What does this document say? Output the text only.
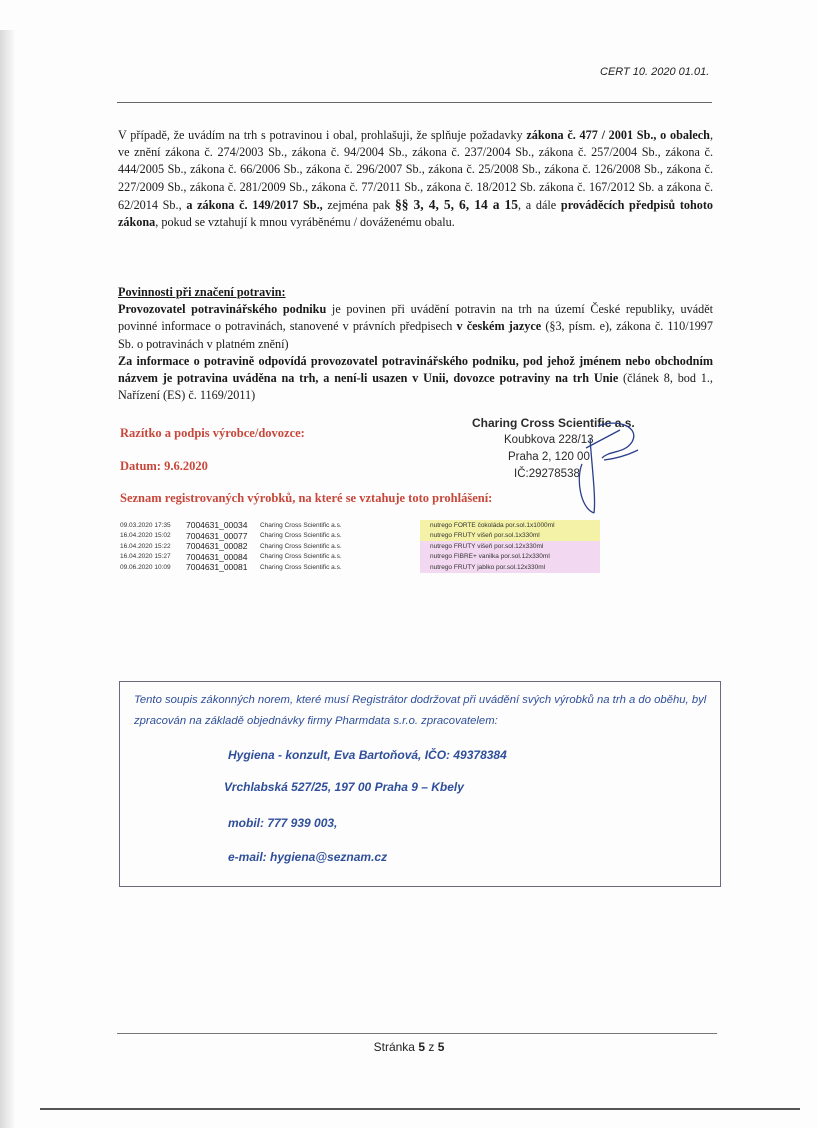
CERT 10. 2020 01.01.
V případě, že uvádím na trh s potravinou i obal, prohlašuji, že splňuje požadavky zákona č. 477 / 2001 Sb., o obalech, ve znění zákona č. 274/2003 Sb., zákona č. 94/2004 Sb., zákona č. 237/2004 Sb., zákona č. 257/2004 Sb., zákona č. 444/2005 Sb., zákona č. 66/2006 Sb., zákona č. 296/2007 Sb., zákona č. 25/2008 Sb., zákona č. 126/2008 Sb., zákona č. 227/2009 Sb., zákona č. 281/2009 Sb., zákona č. 77/2011 Sb., zákona č. 18/2012 Sb. zákona č. 167/2012 Sb. a zákona č. 62/2014 Sb., a zákona č. 149/2017 Sb., zejména pak §§ 3, 4, 5, 6, 14 a 15, a dále prováděcích předpisů tohoto zákona, pokud se vztahují k mnou vyráběnému / dováženému obalu.
Povinnosti při značení potravin:
Provozovatel potravinářského podniku je povinen při uvádění potravin na trh na území České republiky, uvádět povinné informace o potravinách, stanovené v právních předpisech v českém jazyce (§3, písm. e), zákona č. 110/1997 Sb. o potravinách v platném znění)
Za informace o potravině odpovídá provozovatel potravinářského podniku, pod jehož jménem nebo obchodním názvem je potravina uváděna na trh, a není-li usazen v Unii, dovozce potraviny na trh Unie (článek 8, bod 1., Nařízení (ES) č. 1169/2011)
Razítko a podpis výrobce/dovozce:
Datum: 9.6.2020
Seznam registrovaných výrobků, na které se vztahuje toto prohlášení:
Charing Cross Scientific a.s.
Koubkova 228/13
Praha 2, 120 00
IČ:29278538
09.03.2020 17:35	7004631_00034	Charing Cross Scientific a.s.	nutrego FORTE čokoláda por.sol.1x1000ml
16.04.2020 15:02	7004631_00077	Charing Cross Scientific a.s.	nutrego FRUTY višeň por.sol.1x330ml
16.04.2020 15:22	7004631_00082	Charing Cross Scientific a.s.	nutrego FRUTY višeň por.sol.12x330ml
16.04.2020 15:27	7004631_00084	Charing Cross Scientific a.s.	nutrego FIBRE+ vanilka por.sol.12x330ml
09.06.2020 10:09	7004631_00081	Charing Cross Scientific a.s.	nutrego FRUTY jablko por.sol.12x330ml
Tento soupis zákonných norem, které musí Registrátor dodržovat při uvádění svých výrobků na trh a do oběhu, byl zpracován na základě objednávky firmy Pharmdata s.r.o. zpracovatelem:
Hygiena - konzult, Eva Bartoňová, IČO: 49378384
Vrchlabská 527/25, 197 00 Praha 9 – Kbely
mobil: 777 939 003,
e-mail: hygiena@seznam.cz
Stránka 5 z 5
